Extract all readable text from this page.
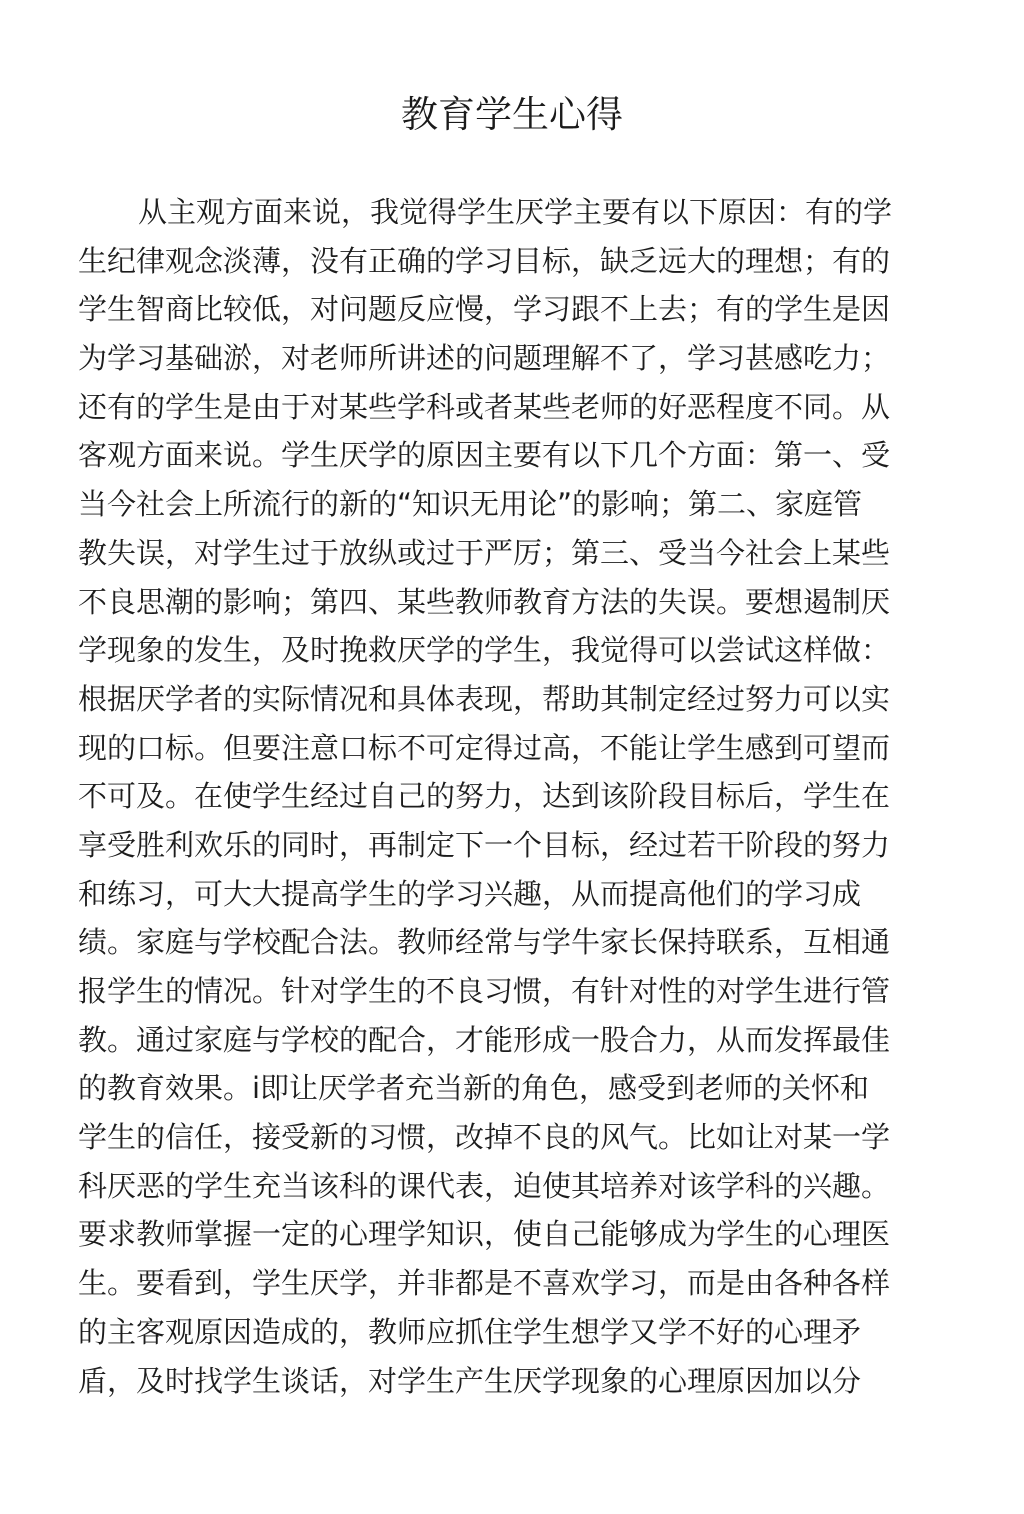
教育学生心得
从主观方面来说，我觉得学生厌学主要有以下原因：有的学
生纪律观念淡薄，没有正确的学习目标，缺乏远大的理想；有的
学生智商比较低，对问题反应慢，学习跟不上去；有的学生是因
为学习基础淤，对老师所讲述的问题理解不了，学习甚感吃力；
还有的学生是由于对某些学科或者某些老师的好恶程度不同。从
客观方面来说。学生厌学的原因主要有以下几个方面：第一、受
当今社会上所流行的新的“知识无用论”的影响；第二、家庭管
教失误，对学生过于放纵或过于严厉；第三、受当今社会上某些
不良思潮的影响；第四、某些教师教育方法的失误。要想遏制厌
学现象的发生，及时挽救厌学的学生，我觉得可以尝试这样做：
根据厌学者的实际情况和具体表现，帮助其制定经过努力可以实
现的口标。但要注意口标不可定得过高，不能让学生感到可望而
不可及。在使学生经过自己的努力，达到该阶段目标后，学生在
享受胜利欢乐的同时，再制定下一个目标，经过若干阶段的努力
和练习，可大大提高学生的学习兴趣，从而提高他们的学习成
绩。家庭与学校配合法。教师经常与学牛家长保持联系，互相通
报学生的情况。针对学生的不良习惯，有针对性的对学生进行管
教。通过家庭与学校的配合，才能形成一股合力，从而发挥最佳
的教育效果。i即让厌学者充当新的角色，感受到老师的关怀和
学生的信任，接受新的习惯，改掉不良的风气。比如让对某一学
科厌恶的学生充当该科的课代表，迫使其培养对该学科的兴趣。
要求教师掌握一定的心理学知识，使自己能够成为学生的心理医
生。要看到，学生厌学，并非都是不喜欢学习，而是由各种各样
的主客观原因造成的，教师应抓住学生想学又学不好的心理矛
盾，及时找学生谈话，对学生产生厌学现象的心理原因加以分
